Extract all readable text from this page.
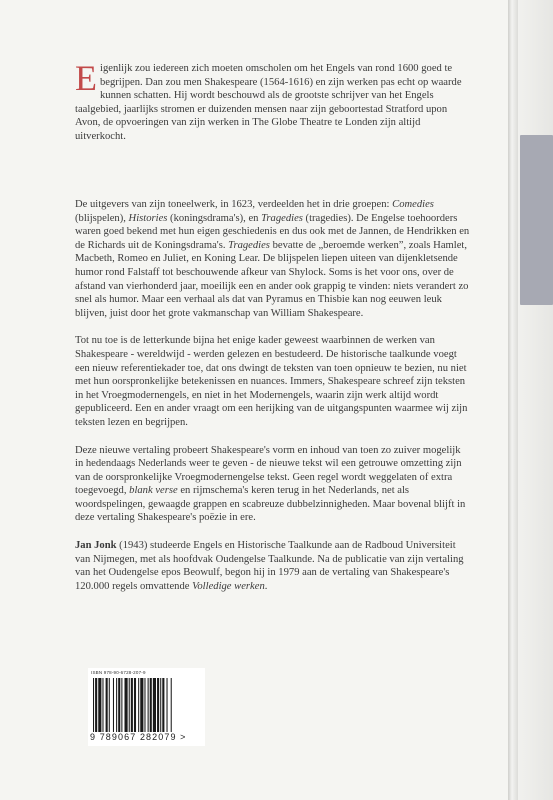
Eigenlijk zou iedereen zich moeten omscholen om het Engels van rond 1600 goed te begrijpen. Dan zou men Shakespeare (1564-1616) en zijn werken pas echt op waarde kunnen schatten. Hij wordt beschouwd als de grootste schrijver van het Engels taalgebied, jaarlijks stromen er duizenden mensen naar zijn geboortestad Stratford upon Avon, de opvoeringen van zijn werken in The Globe Theatre te Londen zijn altijd uitverkocht.

De uitgevers van zijn toneelwerk, in 1623, verdeelden het in drie groepen: Comedies (blijspelen), Histories (koningsdrama's), en Tragedies (tragedies). De Engelse toehoorders waren goed bekend met hun eigen geschiedenis en dus ook met de Jannen, de Hendrikken en de Richards uit de Koningsdrama's. Tragedies bevatte de „beroemde werken”, zoals Hamlet, Macbeth, Romeo en Juliet, en Koning Lear. De blijspelen liepen uiteen van dijenkletsende humor rond Falstaff tot beschouwende afkeur van Shylock. Soms is het voor ons, over de afstand van vierhonderd jaar, moeilijk een en ander ook grappig te vinden: niets verandert zo snel als humor. Maar een verhaal als dat van Pyramus en Thisbie kan nog eeuwen leuk blijven, juist door het grote vakmanschap van William Shakespeare.

Tot nu toe is de letterkunde bijna het enige kader geweest waarbinnen de werken van Shakespeare - wereldwijd - werden gelezen en bestudeerd. De historische taalkunde voegt een nieuw referentiekader toe, dat ons dwingt de teksten van toen opnieuw te bezien, nu niet met hun oorspronkelijke betekenissen en nuances. Immers, Shakespeare schreef zijn teksten in het Vroegmodernengels, en niet in het Modernengels, waarin zijn werk altijd wordt gepubliceerd. Een en ander vraagt om een herijking van de uitgangspunten waarmee wij zijn teksten lezen en begrijpen.

Deze nieuwe vertaling probeert Shakespeare's vorm en inhoud van toen zo zuiver mogelijk in hedendaags Nederlands weer te geven - de nieuwe tekst wil een getrouwe omzetting zijn van de oorspronkelijke Vroegmodernengelse tekst. Geen regel wordt weggelaten of extra toegevoegd, blank verse en rijmschema's keren terug in het Nederlands, net als woordspelingen, gewaagde grappen en scabreuze dubbelzinnigheden. Maar bovenal blijft in deze vertaling Shakespeare's poëzie in ere.

Jan Jonk (1943) studeerde Engels en Historische Taalkunde aan de Radboud Universiteit van Nijmegen, met als hoofdvak Oudengelse Taalkunde. Na de publicatie van zijn vertaling van het Oudengelse epos Beowulf, begon hij in 1979 aan de vertaling van Shakespeare's 120.000 regels omvattende Volledige werken.

ISBN 978-90-6728-207-9
9 789067 282079 >
